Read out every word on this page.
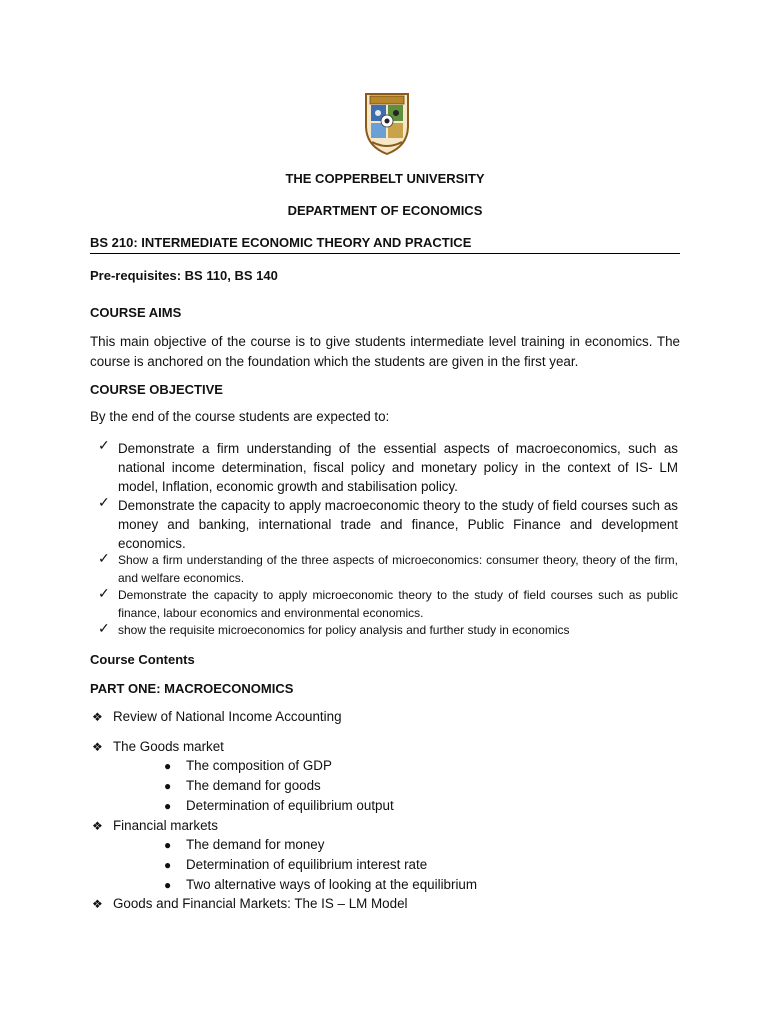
THE COPPERBELT UNIVERSITY
DEPARTMENT OF ECONOMICS
BS 210: INTERMEDIATE ECONOMIC THEORY AND PRACTICE
Pre-requisites: BS 110, BS 140
COURSE AIMS
This main objective of the course is to give students intermediate level training in economics. The course is anchored on the foundation which the students are given in the first year.
COURSE OBJECTIVE
By the end of the course students are expected to:
✓ Demonstrate a firm understanding of the essential aspects of macroeconomics, such as national income determination, fiscal policy and monetary policy in the context of IS- LM model, Inflation, economic growth and stabilisation policy.
✓ Demonstrate the capacity to apply macroeconomic theory to the study of field courses such as money and banking, international trade and finance, Public Finance and development economics.
✓ Show a firm understanding of the three aspects of microeconomics: consumer theory, theory of the firm, and welfare economics.
✓ Demonstrate the capacity to apply microeconomic theory to the study of field courses such as public finance, labour economics and environmental economics.
✓ show the requisite microeconomics for policy analysis and further study in economics
Course Contents
PART ONE: MACROECONOMICS
❖ Review of National Income Accounting
❖ The Goods market
● The composition of GDP
● The demand for goods
● Determination of equilibrium output
❖ Financial markets
● The demand for money
● Determination of equilibrium interest rate
● Two alternative ways of looking at the equilibrium
❖ Goods and Financial Markets: The IS – LM Model
